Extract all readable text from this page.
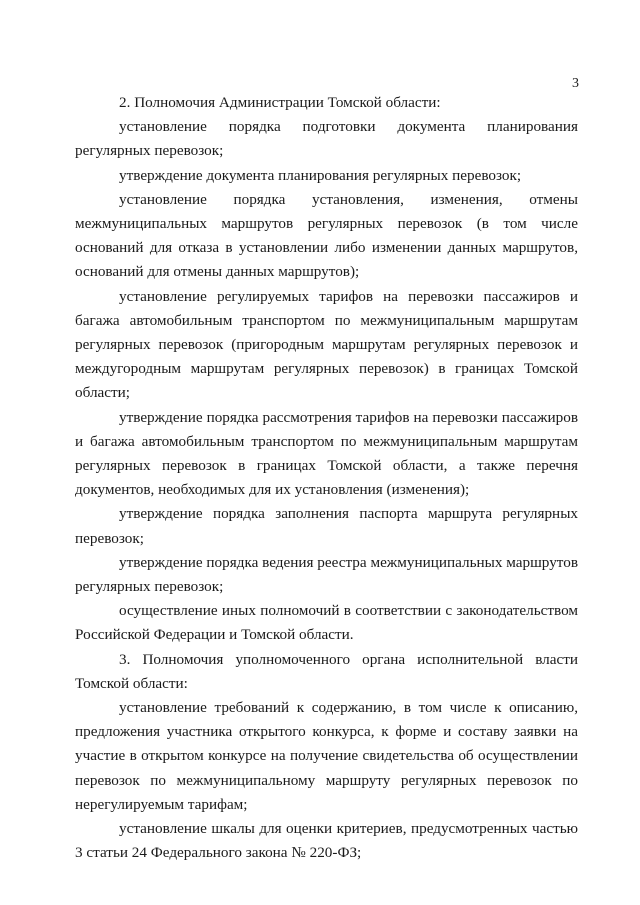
3

2. Полномочия Администрации Томской области:

установление порядка подготовки документа планирования регулярных перевозок;

утверждение документа планирования регулярных перевозок;

установление порядка установления, изменения, отмены межмуниципальных маршрутов регулярных перевозок (в том числе оснований для отказа в установлении либо изменении данных маршрутов, оснований для отмены данных маршрутов);

установление регулируемых тарифов на перевозки пассажиров и багажа автомобильным транспортом по межмуниципальным маршрутам регулярных перевозок (пригородным маршрутам регулярных перевозок и междугородным маршрутам регулярных перевозок) в границах Томской области;

утверждение порядка рассмотрения тарифов на перевозки пассажиров и багажа автомобильным транспортом по межмуниципальным маршрутам регулярных перевозок в границах Томской области, а также перечня документов, необходимых для их установления (изменения);

утверждение порядка заполнения паспорта маршрута регулярных перевозок;

утверждение порядка ведения реестра межмуниципальных маршрутов регулярных перевозок;

осуществление иных полномочий в соответствии с законодательством Российской Федерации и Томской области.

3. Полномочия уполномоченного органа исполнительной власти Томской области:

установление требований к содержанию, в том числе к описанию, предложения участника открытого конкурса, к форме и составу заявки на участие в открытом конкурсе на получение свидетельства об осуществлении перевозок по межмуниципальному маршруту регулярных перевозок по нерегулируемым тарифам;

установление шкалы для оценки критериев, предусмотренных частью 3 статьи 24 Федерального закона № 220-ФЗ;
